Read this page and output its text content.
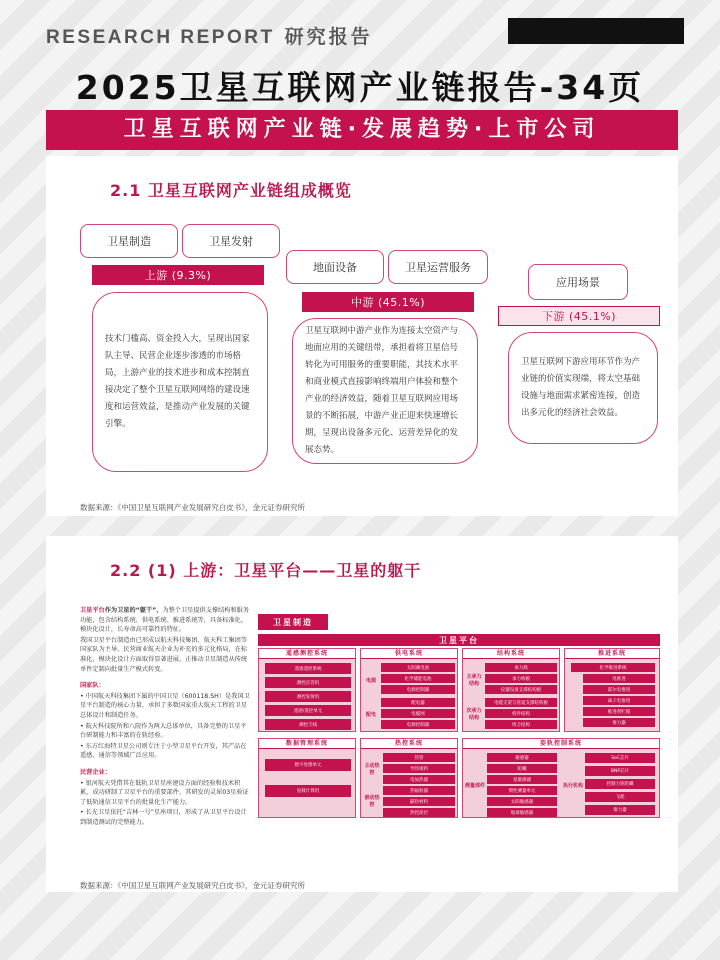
RESEARCH REPORT 研究报告
2025卫星互联网产业链报告-34页
卫星互联网产业链·发展趋势·上市公司
2.1 卫星互联网产业链组成概览
卫星制造	卫星发射
上游 (9.3%)
技术门槛高、资金投入大，呈现出国家队主导、民营企业逐步渗透的市场格局，上游产业的技术进步和成本控制直接决定了整个卫星互联网网络的建设速度和运营效益，是推动产业发展的关键引擎。
地面设备	卫星运营服务
中游 (45.1%)
卫星互联网中游产业作为连接太空资产与地面应用的关键纽带，承担着将卫星信号转化为可用服务的重要职能，其技术水平和商业模式直接影响终端用户体验和整个产业的经济效益，随着卫星互联网应用场景的不断拓展，中游产业正迎来快速增长期，呈现出设备多元化、运营差异化的发展态势。
应用场景
下游 (45.1%)
卫星互联网下游应用环节作为产业链的价值实现端，将太空基础设施与地面需求紧密连接，创造出多元化的经济社会效益。
数据来源：《中国卫星互联网产业发展研究白皮书》，金元证券研究所
2.2 (1) 上游：卫星平台——卫星的躯干

卫星平台作为卫星的“躯干”，为整个卫星提供支撑结构和服务功能，包含结构系统、供电系统、推进系统等，具备标准化、模块化设计，长寿命高可靠性的特征。

我国卫星平台制造由已形成以航天科技集团、航天科工集团等国家队为主导，民营商业航天企业为补充的多元化格局，在标准化、模块化设计方面取得显著进展，正推动卫星制造从传统单件定制向批量生产模式转变。

国家队：

• 中国航天科技集团下属的中国卫星（600118.SH）是我国卫星平台制造的核心力量，承担了多数国家重大航天工程的卫星总体设计和制造任务。

• 航天科技院所和八院作为两大总体单位，具备完整的卫星平台研制能力和丰富的在轨经验。

• 东方红海特卫星公司则专注于小型卫星平台开发，其产品在遥感、通信等领域广泛应用。

民营企业：

• 银河航天凭借其在低轨卫星星座建设方面的经验和技术积累，成功研制了卫星平台的重要部件，其研发的灵犀03星验证了低轨通信卫星平台的批量化生产能力。

• 长光卫星依托“吉林一号”星座项目，形成了从卫星平台设计到制造测试的完整能力。

卫星制造
卫星平台
遥感测控系统
遥感遥控系统
测控应答机
测控发射机
遥感/遥控单元
测控天线
供电系统
电源
配电
太阳翼电池
化学储能电池
电源控制器
配电器
电缆网
电源控制器
结构系统
主承力结构
次承力结构
承力筒
承力构板
仪器设备支撑结构板
电缆支架与管道支撑结构板
构件结构
组合结构
推进系统
化学推进系统
电推进
霍尔电推进
离子电推进
推进剂贮箱
推力器
数据管理系统
数字处理单元
星载计算机
热控系统
主动热控
被动热控
热管
导热填料
电加热器
热辐射器
隔热材料
热控涂层
姿轨控制系统
测量部件
敏感器
陀螺
星敏感器
惯性测量单元
太阳敏感器
地球敏感器
执行机构
SoC芯片
BNP芯片
控制力矩陀螺
飞轮
推力器
数据来源：《中国卫星互联网产业发展研究白皮书》，金元证券研究所
